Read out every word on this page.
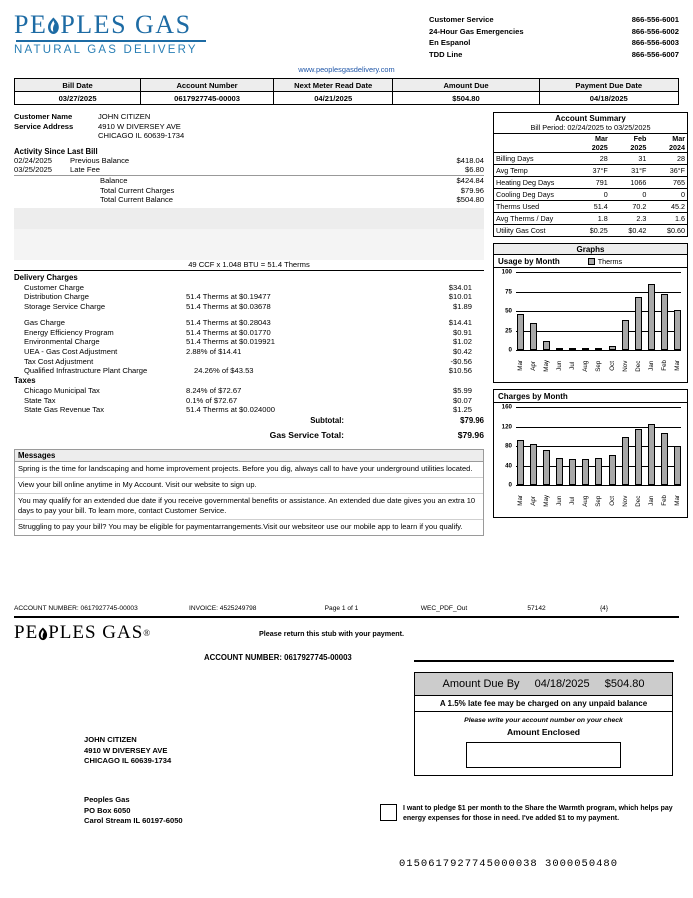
PE PLES GAS
NATURAL GAS DELIVERY
Customer Service	866-556-6001
24-Hour Gas Emergencies	866-556-6002
En Espanol	866-556-6003
TDD Line	866-556-6007
www.peoplesgasdelivery.com
Bill Date	Account Number	Next Meter Read Date	Amount Due	Payment Due Date
03/27/2025	0617927745-00003	04/21/2025	$504.80	04/18/2025
Customer Name	JOHN CITIZEN
Service Address	4910 W DIVERSEY AVE
CHICAGO IL 60639-1734
Activity Since Last Bill
02/24/2025	Previous Balance	$418.04
03/25/2025	Late Fee	$6.80
Balance	$424.84
Total Current Charges	$79.96
Total Current Balance	$504.80
49 CCF x 1.048 BTU = 51.4 Therms
Delivery Charges
Customer Charge	$34.01
Distribution Charge	51.4 Therms at $0.19477	$10.01
Storage Service Charge	51.4 Therms at $0.03678	$1.89
Gas Charge	51.4 Therms at $0.28043	$14.41
Energy Efficiency Program	51.4 Therms at $0.01770	$0.91
Environmental Charge	51.4 Therms at $0.019921	$1.02
UEA - Gas Cost Adjustment	2.88% of $14.41	$0.42
Tax Cost Adjustment	-$0.56
Qualified Infrastructure Plant Charge	24.26% of $43.53	$10.56
Taxes
Chicago Municipal Tax	8.24% of $72.67	$5.99
State Tax	0.1% of $72.67	$0.07
State Gas Revenue Tax	51.4 Therms at $0.024000	$1.25
Subtotal:	$79.96
Gas Service Total:	$79.96
Messages
Spring is the time for landscaping and home improvement projects. Before you dig, always call to have your underground utilities located.
View your bill online anytime in My Account. Visit our website to sign up.
You may qualify for an extended due date if you receive governmental benefits or assistance. An extended due date gives you an extra 10 days to pay your bill. To learn more, contact Customer Service.
Struggling to pay your bill? You may be eligible for paymentarrangements.Visit our websiteor use our mobile app to learn if you qualify.
Account Summary
Bill Period: 02/24/2025 to 03/25/2025
	Mar	Feb	Mar
	2025	2025	2024
Billing Days	28	31	28
Avg Temp	37°F	31°F	36°F
Heating Deg Days	791	1066	765
Cooling Deg Days	0	0	0
Therms Used	51.4	70.2	45.2
Avg Therms / Day	1.8	2.3	1.6
Utility Gas Cost	$0.25	$0.42	$0.60
Graphs
Usage by Month	Therms
0
25
50
75
100
Mar Apr May Jun Jul Aug Sep Oct Nov Dec Jan Feb Mar
Charges by Month
0
40
80
120
160
Mar Apr May Jun Jul Aug Sep Oct Nov Dec Jan Feb Mar
ACCOUNT NUMBER: 0617927745-00003	INVOICE: 4525249798	Page 1 of 1	WEC_PDF_Out	57142	{4}
PE PLES GAS ®	Please return this stub with your payment.
ACCOUNT NUMBER: 0617927745-00003
Amount Due By 04/18/2025 $504.80
A 1.5% late fee may be charged on any unpaid balance
Please write your account number on your check
Amount Enclosed
I want to pledge $1 per month to the Share the Warmth program, which helps pay energy expenses for those in need. I've added $1 to my payment.
JOHN CITIZEN
4910 W DIVERSEY AVE
CHICAGO IL 60639-1734
Peoples Gas
PO Box 6050
Carol Stream IL 60197-6050
0150617927745000038 3000050480
